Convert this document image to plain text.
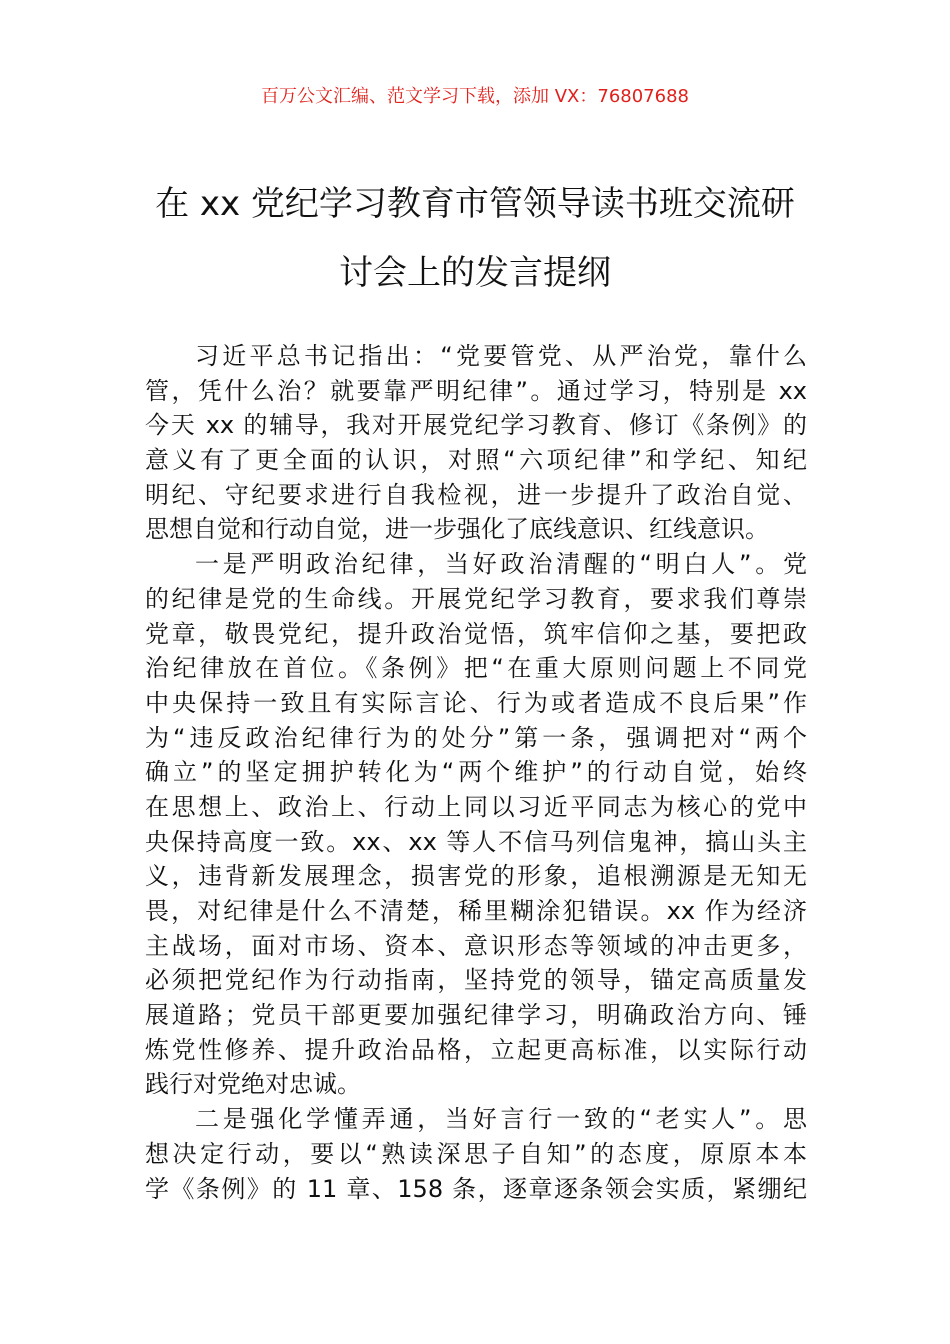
百万公文汇编、范文学习下载，添加 VX：76807688
在 xx 党纪学习教育市管领导读书班交流研
讨会上的发言提纲
习近平总书记指出：“党要管党、从严治党，靠什么
管，凭什么治？就要靠严明纪律”。通过学习，特别是 xx
今天 xx 的辅导，我对开展党纪学习教育、修订《条例》的
意义有了更全面的认识，对照“六项纪律”和学纪、知纪
明纪、守纪要求进行自我检视，进一步提升了政治自觉、
思想自觉和行动自觉，进一步强化了底线意识、红线意识。
一是严明政治纪律，当好政治清醒的“明白人”。党
的纪律是党的生命线。开展党纪学习教育，要求我们尊崇
党章，敬畏党纪，提升政治觉悟，筑牢信仰之基，要把政
治纪律放在首位。《条例》把“在重大原则问题上不同党
中央保持一致且有实际言论、行为或者造成不良后果”作
为“违反政治纪律行为的处分”第一条，强调把对“两个
确立”的坚定拥护转化为“两个维护”的行动自觉，始终
在思想上、政治上、行动上同以习近平同志为核心的党中
央保持高度一致。xx、xx 等人不信马列信鬼神，搞山头主
义，违背新发展理念，损害党的形象，追根溯源是无知无
畏，对纪律是什么不清楚，稀里糊涂犯错误。xx 作为经济
主战场，面对市场、资本、意识形态等领域的冲击更多，
必须把党纪作为行动指南，坚持党的领导，锚定高质量发
展道路；党员干部更要加强纪律学习，明确政治方向、锤
炼党性修养、提升政治品格，立起更高标准，以实际行动
践行对党绝对忠诚。
二是强化学懂弄通，当好言行一致的“老实人”。思
想决定行动，要以“熟读深思子自知”的态度，原原本本
学《条例》的 11 章、158 条，逐章逐条领会实质，紧绷纪
